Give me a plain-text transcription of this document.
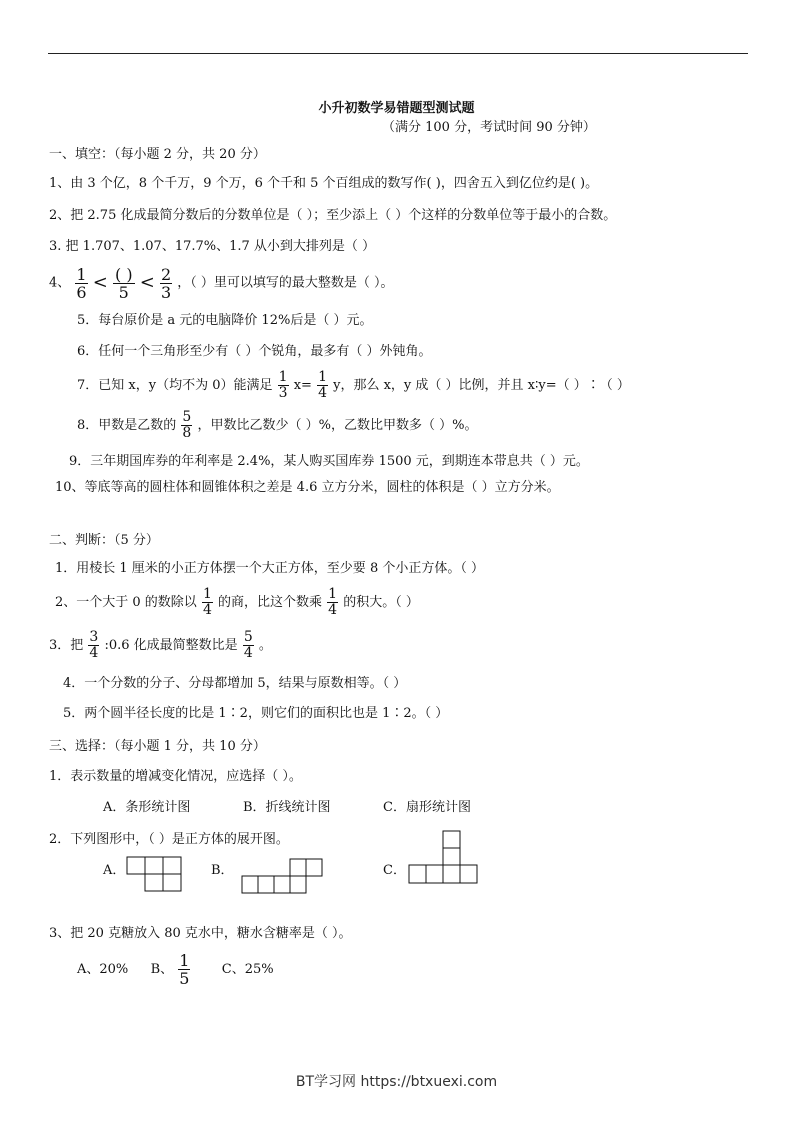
小升初数学易错题型测试题
（满分 100 分，考试时间 90 分钟）
一、填空：（每小题 2 分，共 20 分）
1、由 3 个亿，8 个千万，9 个万，6 个千和 5 个百组成的数写作( )，四舍五入到亿位约是( )。
2、把 2.75 化成最简分数后的分数单位是（ ）；至少添上（ ）个这样的分数单位等于最小的合数。
3. 把 1.707、1.07、17.7%、1.7 从小到大排列是（ ）
4、 $\frac{1}{6} < \frac{( )}{5} < \frac{2}{3}$ ，（ ）里可以填写的最大整数是（ ）。
5．每台原价是 a 元的电脑降价 12%后是（ ）元。
6．任何一个三角形至少有（ ）个锐角，最多有（ ）外钝角。
7．已知 x，y（均不为 0）能满足 $\frac{1}{3} x= \frac{1}{4}$ y，那么 x，y 成（ ）比例，并且 x∶y=（ ）∶（ ）
8．甲数是乙数的 $\frac{5}{8}$ ，甲数比乙数少（ ）%，乙数比甲数多（ ）%。
9．三年期国库券的年利率是 2.4%，某人购买国库券 1500 元，到期连本带息共（ ）元。
10、等底等高的圆柱体和圆锥体积之差是 4.6 立方分米，圆柱的体积是（ ）立方分米。
二、判断：（5 分）
1．用棱长 1 厘米的小正方体摆一个大正方体，至少要 8 个小正方体。（ ）
2、一个大于 0 的数除以 $\frac{1}{4}$ 的商，比这个数乘 $\frac{1}{4}$ 的积大。（ ）
3．把 $\frac{3}{4}$ :0.6 化成最简整数比是 $\frac{5}{4}$ 。
4．一个分数的分子、分母都增加 5，结果与原数相等。（ ）
5．两个圆半径长度的比是 1∶2，则它们的面积比也是 1∶2。（ ）
三、选择：（每小题 1 分，共 10 分）
1．表示数量的增减变化情况，应选择（ ）。
A．条形统计图	B．折线统计图	C．扇形统计图
2．下列图形中，（ ）是正方体的展开图。
A．	B．	C．
3、把 20 克糖放入 80 克水中，糖水含糖率是（ ）。
A、20% B、 $\frac{1}{5}$ C、25%
BT学习网 https://btxuexi.com
